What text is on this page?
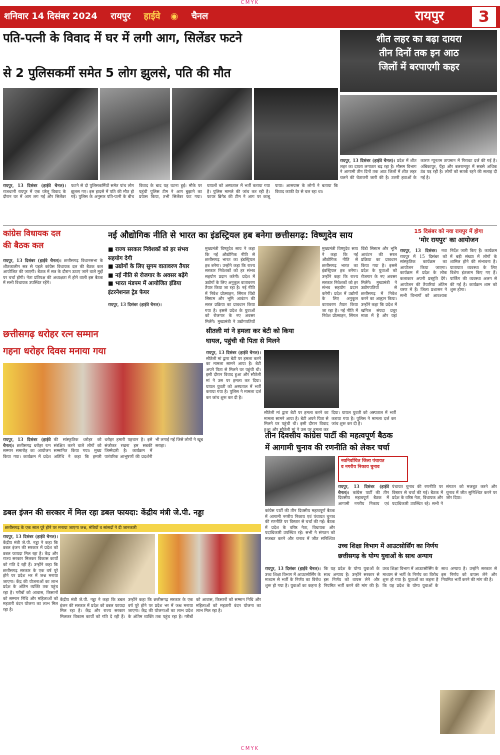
CMYK
शनिवार 14 दिसंबर 2024 रायपुर हाईवे ◉ चैनल	रायपुर	3
पति-पत्नी के विवाद में घर में लगी आग, सिलेंडर फटने
से 2 पुलिसकर्मी समेत 5 लोग झुलसे, पति की मौत
शीत लहर का बढ़ा दायरा
तीन दिनों तक इन आठ
जिलों में बरपाएगी कहर
रायपुर, 13 दिसंबर (हाईवे चैनल)। राजधानी रायपुर में एक घरेलू विवाद के दौरान घर में आग लग गई और सिलेंडर फटने से दो पुलिसकर्मियों समेत पांच लोग झुलस गए। इस हादसे में पति की मौत हो गई। पुलिस के अनुसार पति-पत्नी के बीच विवाद के बाद यह घटना हुई। मौके पर पहुंची पुलिस टीम ने आग बुझाने का प्रयास किया, तभी सिलेंडर फट गया। घायलों को अस्पताल में भर्ती कराया गया है। पुलिस मामले की जांच कर रही है। फायर ब्रिगेड की टीम ने आग पर काबू पाया। आसपास के लोगों ने बताया कि विवाद काफी देर से चल रहा था।
रायपुर, 13 दिसंबर (हाईवे चैनल)। प्रदेश में शीत लहर का दायरा लगातार बढ़ रहा है। मौसम विभाग ने आगामी तीन दिनों तक आठ जिलों में शीत लहर चलने की चेतावनी जारी की है। उत्तरी हवाओं के कारण न्यूनतम तापमान में गिरावट दर्ज की गई है। अंबिकापुर, पेंड्रा और बलरामपुर में सबसे अधिक ठंड पड़ रही है। लोगों को सतर्क रहने की सलाह दी गई है।
कांग्रेस विधायक दल
की बैठक कल
रायपुर, 13 दिसंबर (हाईवे चैनल)। छत्तीसगढ़ विधानसभा के शीतकालीन सत्र से पहले कांग्रेस विधायक दल की बैठक कल आयोजित की जाएगी। बैठक में सत्र के दौरान उठाए जाने वाले मुद्दों पर चर्चा होगी। नेता प्रतिपक्ष की अध्यक्षता में होने वाली इस बैठक में सभी विधायक उपस्थित रहेंगे।
नई औद्योगिक नीति से भारत का इंडस्ट्रियल हब बनेगा छत्तीसगढ़: विष्णुदेव साय
■ राज्य सरकार निवेशकों को हर संभव सहयोग देगी
■ उद्योगों के लिए सुगम वातावरण तैयार
■ नई नीति से रोजगार के अवसर बढ़ेंगे
■ भारत मंडपम में आयोजित इंडिया इंटरनेशनल ट्रेड फेयर
रायपुर, 13 दिसंबर (हाईवे चैनल)।
मुख्यमंत्री विष्णुदेव साय ने कहा कि नई औद्योगिक नीति से छत्तीसगढ़ भारत का इंडस्ट्रियल हब बनेगा। उन्होंने कहा कि राज्य सरकार निवेशकों को हर संभव सहयोग प्रदान करेगी। प्रदेश में उद्योगों के लिए अनुकूल वातावरण तैयार किया जा रहा है। नई नीति में निवेश प्रोत्साहन, सिंगल विंडो सिस्टम और भूमि आवंटन की सरल प्रक्रिया का प्रावधान किया गया है। इससे प्रदेश के युवाओं को रोजगार के नए अवसर मिलेंगे। मुख्यमंत्री ने उद्योगपतियों
मुख्यमंत्री विष्णुदेव साय ने कहा कि नई औद्योगिक नीति से छत्तीसगढ़ भारत का इंडस्ट्रियल हब बनेगा। उन्होंने कहा कि राज्य सरकार निवेशकों को हर संभव सहयोग प्रदान करेगी। प्रदेश में उद्योगों के लिए अनुकूल वातावरण तैयार किया जा रहा है। नई नीति में निवेश प्रोत्साहन, सिंगल विंडो सिस्टम और भूमि आवंटन की सरल प्रक्रिया का प्रावधान किया गया है। इससे प्रदेश के युवाओं को रोजगार के नए अवसर मिलेंगे। मुख्यमंत्री ने उद्योगपतियों से छत्तीसगढ़ में निवेश करने का आह्वान किया। उन्होंने कहा कि प्रदेश में खनिज संपदा प्रचुर मात्रा में है और यहां
15 दिसंबर को नवा रायपुर में होगा
'मोर रायपुर' का आयोजन
रायपुर, 13 दिसंबर। नवा रायपुर में 15 दिसंबर को सांस्कृतिक कार्यक्रम का आयोजन किया जाएगा। कार्यक्रम में प्रदेश के लोक कलाकार अपनी प्रस्तुति देंगे। आयोजन की तैयारियां अंतिम चरण में हैं। जिला प्रशासन ने सभी विभागों को आवश्यक निर्देश जारी किए हैं। कार्यक्रम में बड़ी संख्या में लोगों के शामिल होने की संभावना है। यातायात व्यवस्था के लिए विशेष इंतजाम किए गए हैं। पार्किंग की व्यवस्था अलग से की गई है। कार्यक्रम शाम को शुरू होगा।
छत्तीसगढ़ धरोहर रत्न सम्मान
गहना धरोहर दिवस मनाया गया
रायपुर, 13 दिसंबर (हाईवे चैनल)। छत्तीसगढ़ धरोहर रत्न सम्मान समारोह का आयोजन किया गया। कार्यक्रम में प्रदेश की सांस्कृतिक धरोहर को संरक्षित करने वाले लोगों को सम्मानित किया गया। मुख्य अतिथि ने कहा कि हमारी धरोहर हमारी पहचान है। इसे संजोकर रखना हम सबकी जिम्मेदारी है। कार्यक्रम में पारंपरिक आभूषणों की प्रदर्शनी भी लगाई गई जिसे लोगों ने खूब सराहा।
सीतली मां ने हमला कर बेटी को किया
घायल, पहुंची थी पिता से मिलने
रायपुर, 13 दिसंबर (हाईवे चैनल)। सौतेली मां द्वारा बेटी पर हमला करने का मामला सामने आया है। बेटी अपने पिता से मिलने घर पहुंची थी। इसी दौरान विवाद हुआ और सौतेली मां ने उस पर हमला कर दिया। घायल युवती को अस्पताल में भर्ती कराया गया है। पुलिस ने मामला दर्ज कर जांच शुरू कर दी है।
सौतेली मां द्वारा बेटी पर हमला करने का मामला सामने आया है। बेटी अपने पिता से मिलने घर पहुंची थी। इसी दौरान विवाद हुआ और सौतेली मां ने उस पर हमला कर दिया। घायल युवती को अस्पताल में भर्ती कराया गया है। पुलिस ने मामला दर्ज कर जांच शुरू कर दी है।
तीन दिवसीय कांग्रेस पार्टी की महत्वपूर्ण बैठक
में आगामी चुनाव की रणनीति को लेकर चर्चा
नवनिर्वाचित जिला पंचायत
व नगरीय निकाय चुनाव
रायपुर, 13 दिसंबर (हाईवे चैनल)। कांग्रेस पार्टी की तीन दिवसीय महत्वपूर्ण बैठक में आगामी नगरीय निकाय एवं पंचायत चुनाव की रणनीति पर विस्तार से चर्चा की गई। बैठक में प्रदेश के वरिष्ठ नेता, विधायक और पदाधिकारी उपस्थित रहे। सभी ने संगठन को मजबूत करने और चुनाव में जीत सुनिश्चित करने पर जोर दिया।
कांग्रेस पार्टी की तीन दिवसीय महत्वपूर्ण बैठक में आगामी नगरीय निकाय एवं पंचायत चुनाव की रणनीति पर विस्तार से चर्चा की गई। बैठक में प्रदेश के वरिष्ठ नेता, विधायक और पदाधिकारी उपस्थित रहे। सभी ने संगठन को मजबूत करने और चुनाव में जीत सुनिश्चित
उच्च शिक्षा विभाग में आउटसोर्सिंग का निर्णय
छत्तीसगढ़ के योग्य युवाओं के साथ अन्याय
रायपुर, 13 दिसंबर (हाईवे चैनल)। उच्च शिक्षा विभाग में आउटसोर्सिंग के माध्यम से भर्ती के निर्णय का विरोध शुरू हो गया है। युवाओं का कहना है कि यह प्रदेश के योग्य युवाओं के साथ अन्याय है। उन्होंने सरकार से इस निर्णय को वापस लेने और नियमित भर्ती करने की मांग की है। उच्च शिक्षा विभाग में आउटसोर्सिंग के माध्यम से भर्ती के निर्णय का विरोध शुरू हो गया है। युवाओं का कहना है कि यह प्रदेश के योग्य युवाओं के साथ अन्याय है। उन्होंने सरकार से इस निर्णय को वापस लेने और नियमित भर्ती करने की मांग की है।
डबल इंजन की सरकार में मिल रहा डबल फायदा: केंद्रीय मंत्री जे.पी. नड्डा
छत्तीसगढ़ के एक साल पूरे होने पर मनाया जाएगा जश्न, मंत्रियों व सांसदों ने दी जानकारी
रायपुर, 13 दिसंबर (हाईवे चैनल)। केंद्रीय मंत्री जे.पी. नड्डा ने कहा कि डबल इंजन की सरकार में प्रदेश को डबल फायदा मिल रहा है। केंद्र और राज्य सरकार मिलकर विकास कार्यों को गति दे रही हैं। उन्होंने कहा कि छत्तीसगढ़ सरकार के एक वर्ष पूरे होने पर प्रदेश भर में जश्न मनाया जाएगा। केंद्र की योजनाओं का लाभ प्रदेश के अंतिम व्यक्ति तक पहुंच रहा है। गरीबों को आवास, किसानों को सम्मान निधि और महिलाओं को महतारी वंदन योजना का लाभ मिल रहा है।
केंद्रीय मंत्री जे.पी. नड्डा ने कहा कि डबल इंजन की सरकार में प्रदेश को डबल फायदा मिल रहा है। केंद्र और राज्य सरकार मिलकर विकास कार्यों को गति दे रही हैं। उन्होंने कहा कि छत्तीसगढ़ सरकार के एक वर्ष पूरे होने पर प्रदेश भर में जश्न मनाया जाएगा। केंद्र की योजनाओं का लाभ प्रदेश के अंतिम व्यक्ति तक पहुंच रहा है। गरीबों को आवास, किसानों को सम्मान निधि और महिलाओं को महतारी वंदन योजना का लाभ मिल रहा है।
CMYK
